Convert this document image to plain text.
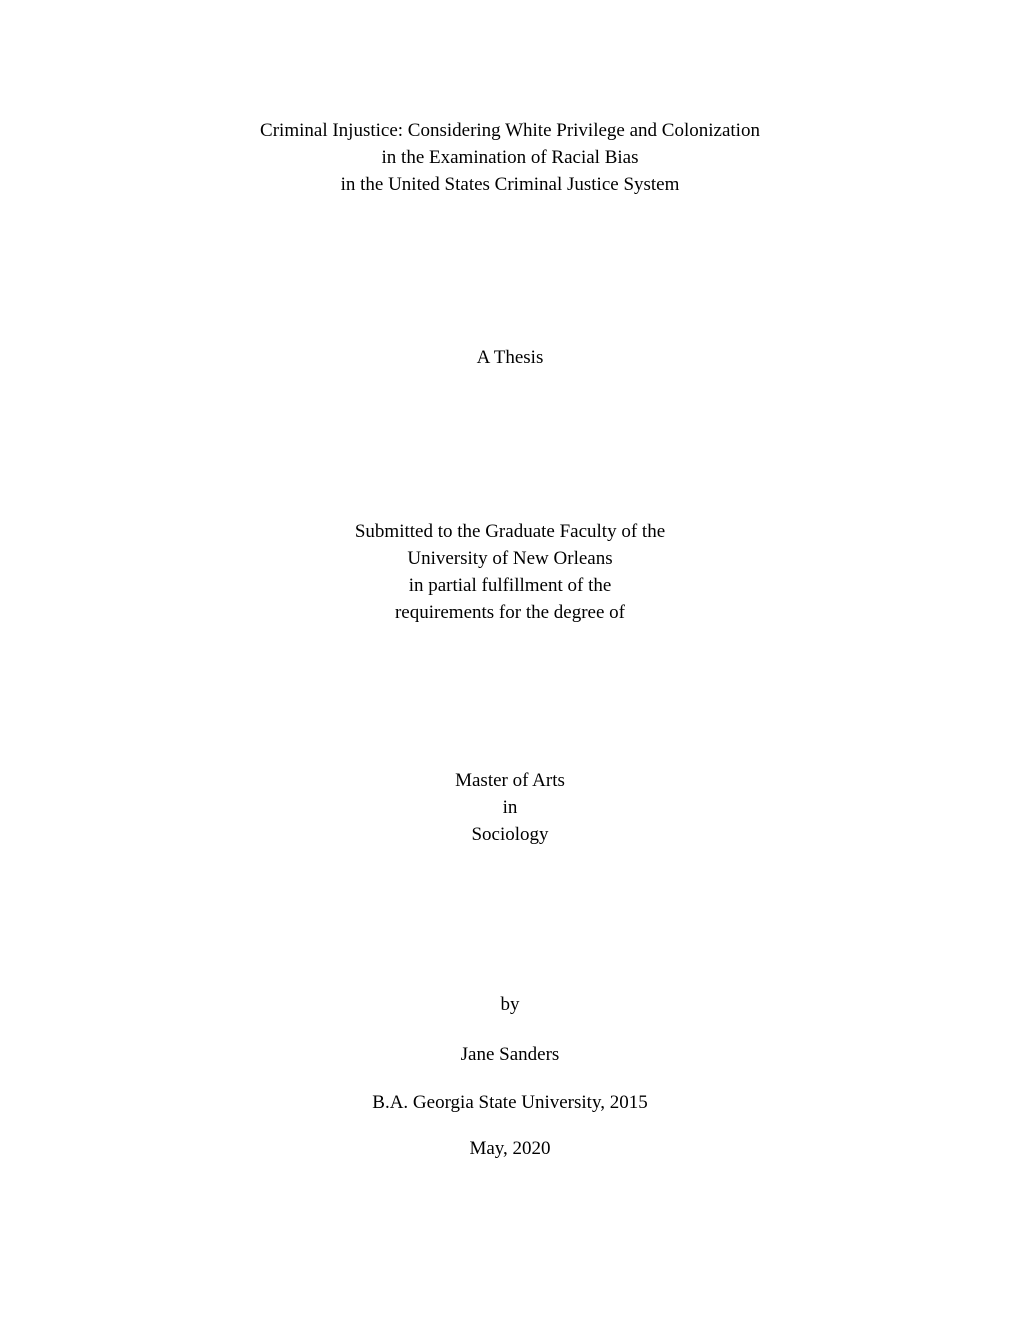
Criminal Injustice: Considering White Privilege and Colonization
in the Examination of Racial Bias
in the United States Criminal Justice System
A Thesis
Submitted to the Graduate Faculty of the
University of New Orleans
in partial fulfillment of the
requirements for the degree of
Master of Arts
in
Sociology
by
Jane Sanders
B.A. Georgia State University, 2015
May, 2020
